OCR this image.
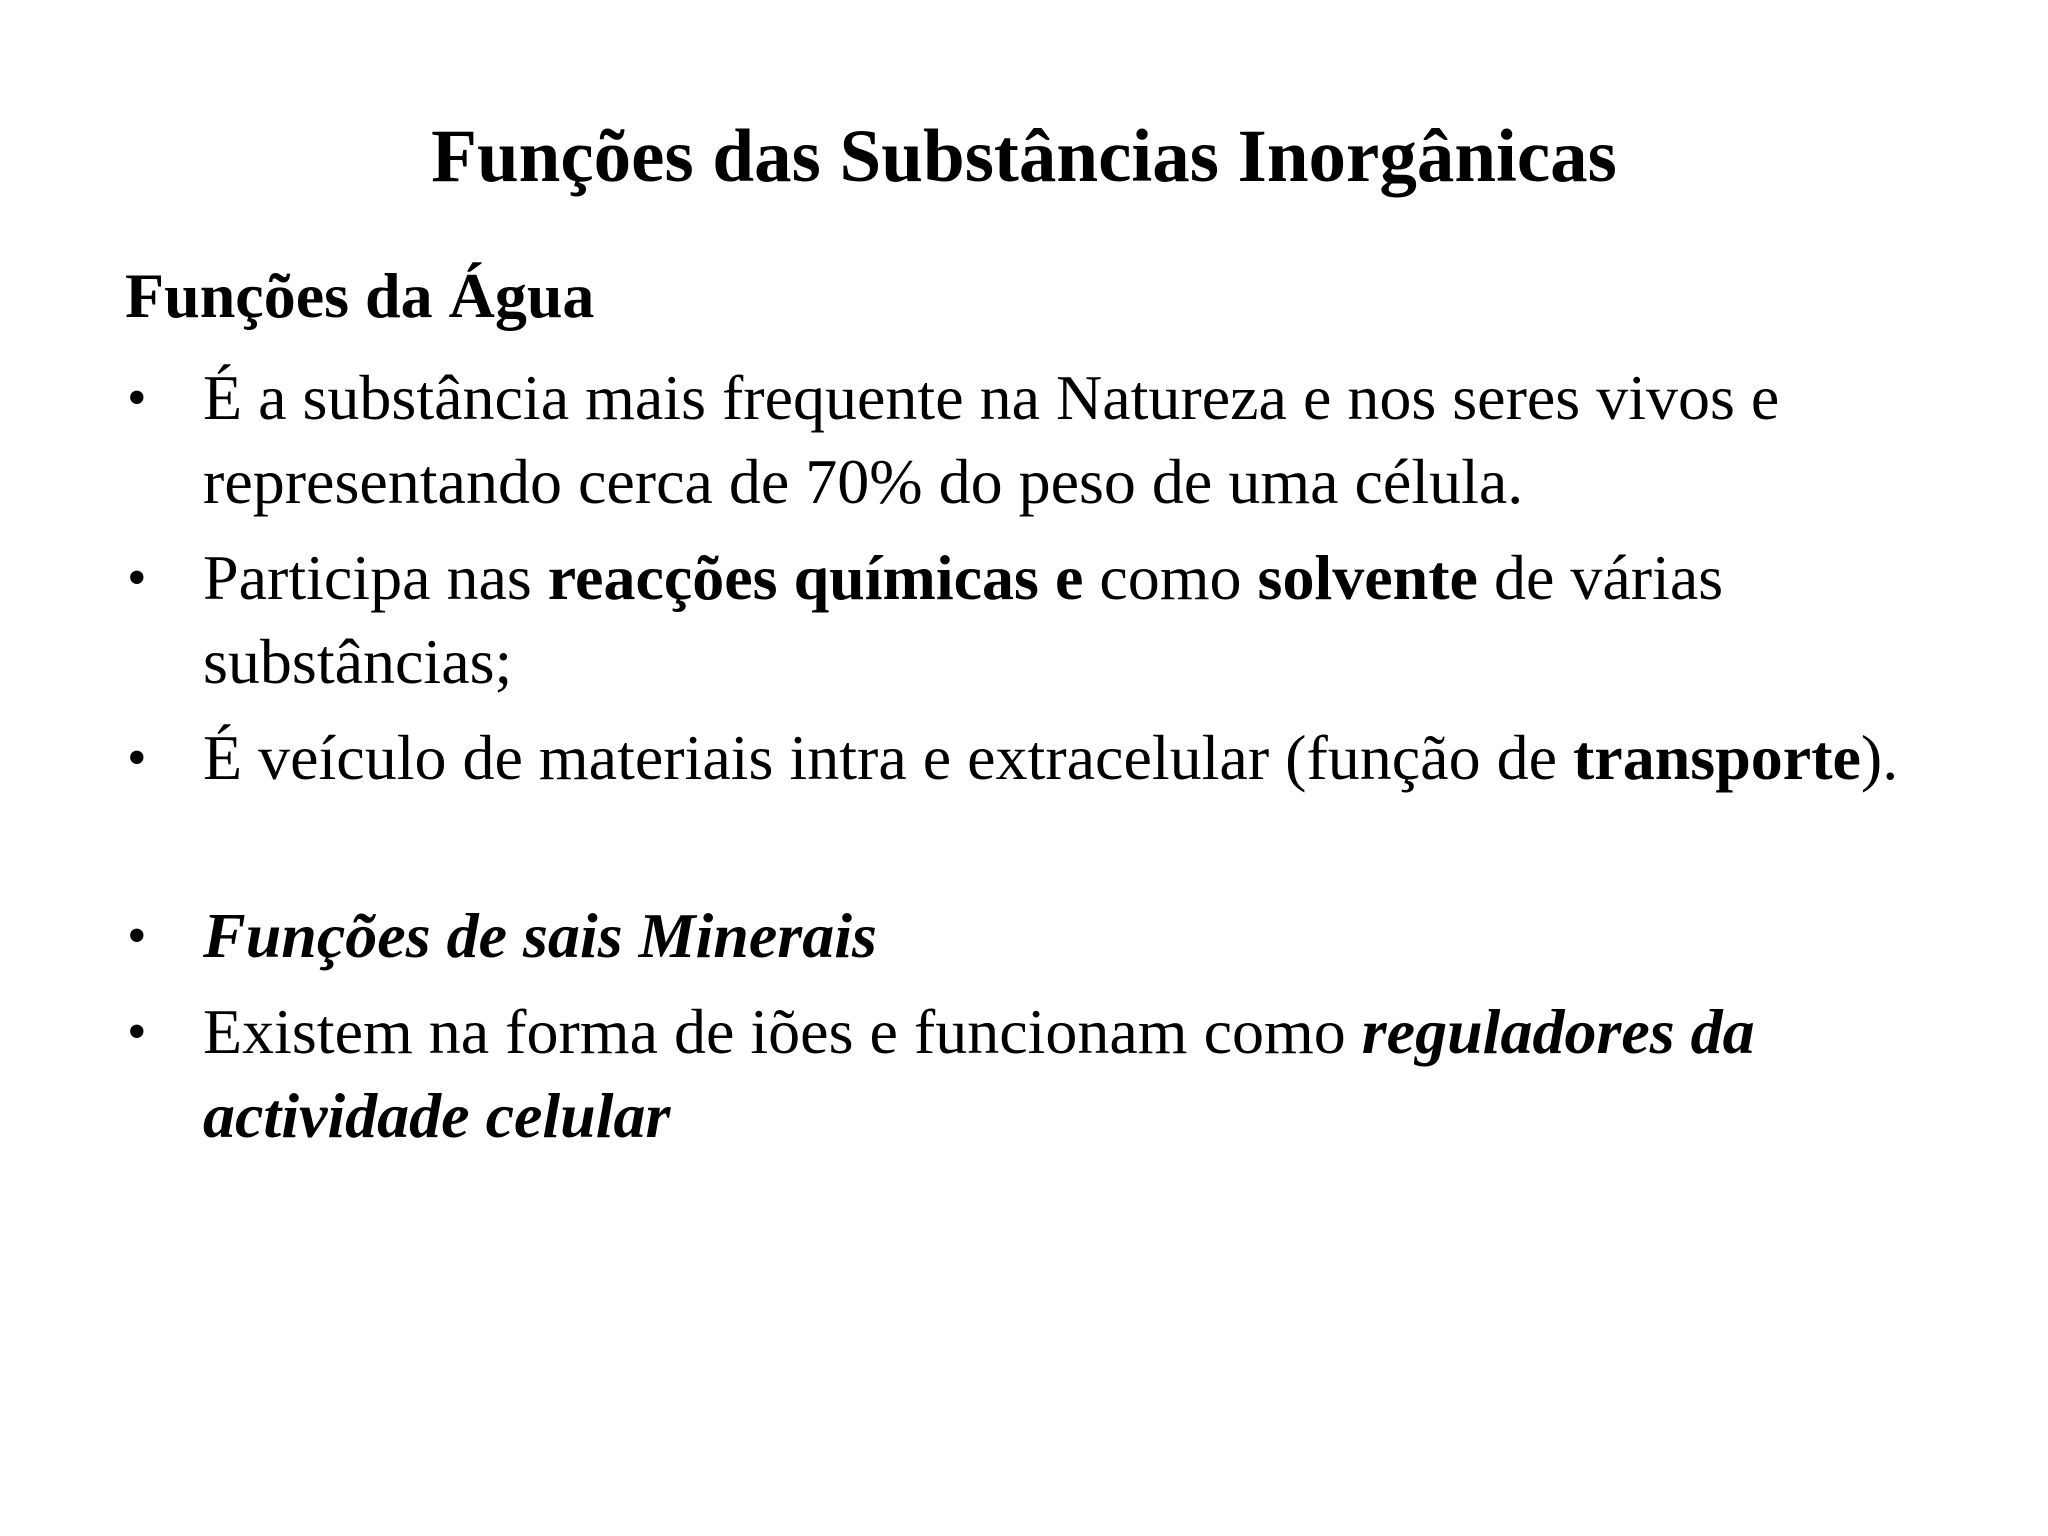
Funções das Substâncias Inorgânicas
Funções da Água
• É a substância mais frequente na Natureza e nos seres vivos e representando cerca de 70% do peso de uma célula.
• Participa nas reacções químicas e como solvente de várias substâncias;
• É veículo de materiais intra e extracelular (função de transporte).
• Funções de sais Minerais
• Existem na forma de iões e funcionam como reguladores da actividade celular
